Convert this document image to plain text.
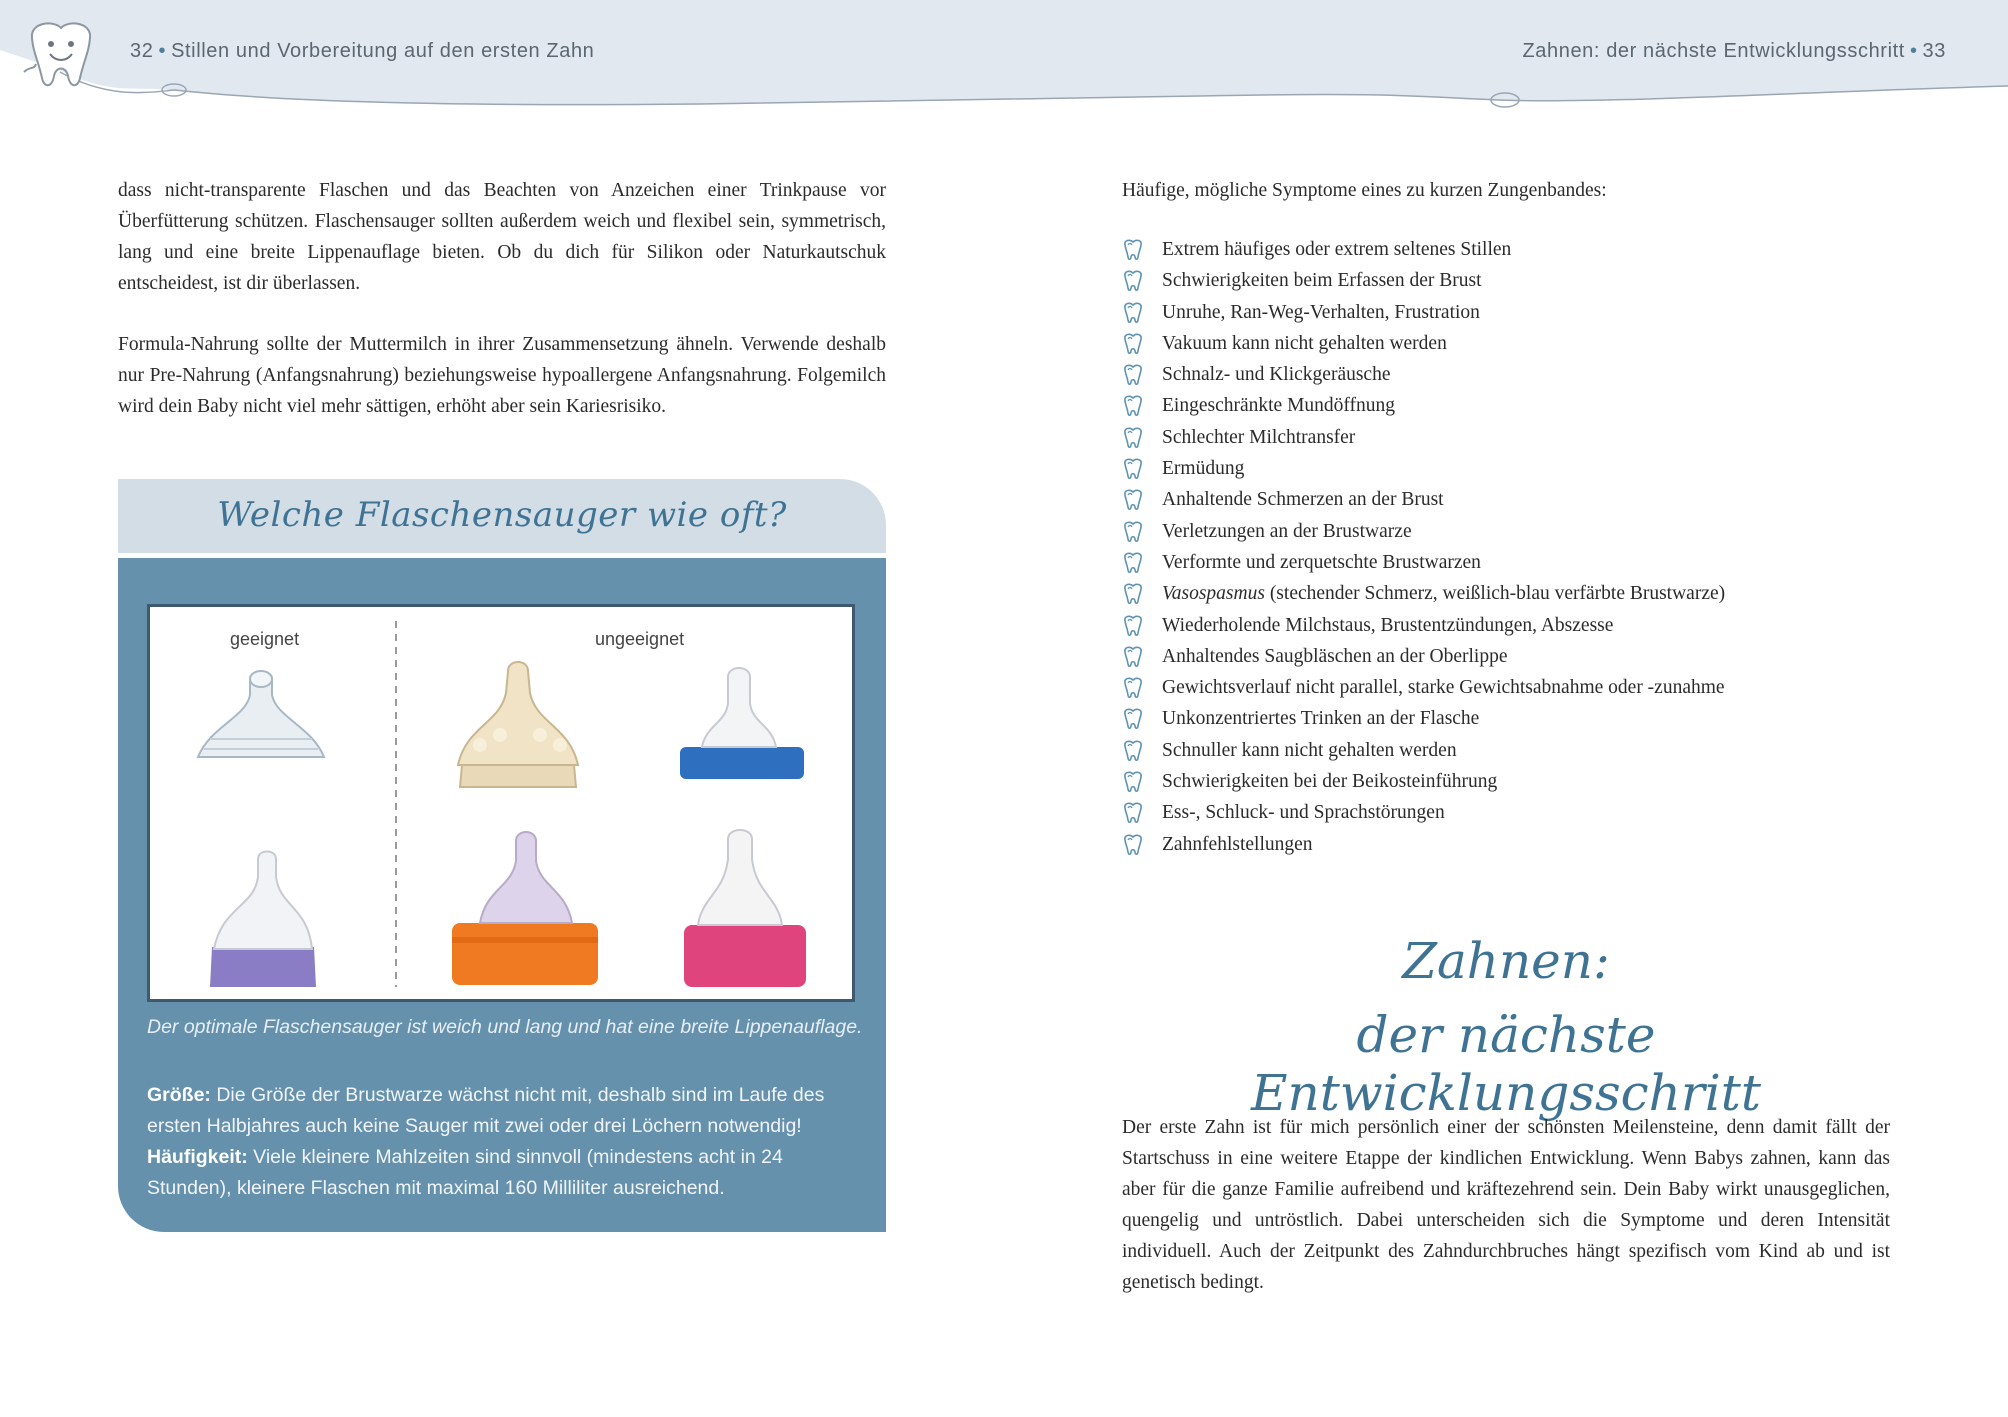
32 • Stillen und Vorbereitung auf den ersten Zahn	Zahnen: der nächste Entwicklungsschritt • 33

dass nicht-transparente Flaschen und das Beachten von Anzeichen einer Trinkpause vor Überfütterung schützen. Flaschensauger sollten außerdem weich und flexibel sein, symmetrisch, lang und eine breite Lippenauflage bieten. Ob du dich für Silikon oder Naturkautschuk entscheidest, ist dir überlassen.

Formula-Nahrung sollte der Muttermilch in ihrer Zusammensetzung ähneln. Verwende deshalb nur Pre-Nahrung (Anfangsnahrung) beziehungsweise hypoallergene Anfangsnahrung. Folgemilch wird dein Baby nicht viel mehr sättigen, erhöht aber sein Kariesrisiko.

Welche Flaschensauger wie oft?
geeignet	ungeeignet
Der optimale Flaschensauger ist weich und lang und hat eine breite Lippenauflage.
Größe: Die Größe der Brustwarze wächst nicht mit, deshalb sind im Laufe des ersten Halbjahres auch keine Sauger mit zwei oder drei Löchern notwendig!
Häufigkeit: Viele kleinere Mahlzeiten sind sinnvoll (mindestens acht in 24 Stunden), kleinere Flaschen mit maximal 160 Milliliter ausreichend.

Häufige, mögliche Symptome eines zu kurzen Zungenbandes:

Extrem häufiges oder extrem seltenes Stillen
Schwierigkeiten beim Erfassen der Brust
Unruhe, Ran-Weg-Verhalten, Frustration
Vakuum kann nicht gehalten werden
Schnalz- und Klickgeräusche
Eingeschränkte Mundöffnung
Schlechter Milchtransfer
Ermüdung
Anhaltende Schmerzen an der Brust
Verletzungen an der Brustwarze
Verformte und zerquetschte Brustwarzen
Vasospasmus (stechender Schmerz, weißlich-blau verfärbte Brustwarze)
Wiederholende Milchstaus, Brustentzündungen, Abszesse
Anhaltendes Saugbläschen an der Oberlippe
Gewichtsverlauf nicht parallel, starke Gewichtsabnahme oder -zunahme
Unkonzentriertes Trinken an der Flasche
Schnuller kann nicht gehalten werden
Schwierigkeiten bei der Beikosteinführung
Ess-, Schluck- und Sprachstörungen
Zahnfehlstellungen
Zahnen:
der nächste Entwicklungsschritt

Der erste Zahn ist für mich persönlich einer der schönsten Meilensteine, denn damit fällt der Startschuss in eine weitere Etappe der kindlichen Entwicklung. Wenn Babys zahnen, kann das aber für die ganze Familie aufreibend und kräftezehrend sein. Dein Baby wirkt unausgeglichen, quengelig und untröstlich. Dabei unterscheiden sich die Symptome und deren Intensität individuell. Auch der Zeitpunkt des Zahndurchbruches hängt spezifisch vom Kind ab und ist genetisch bedingt.
